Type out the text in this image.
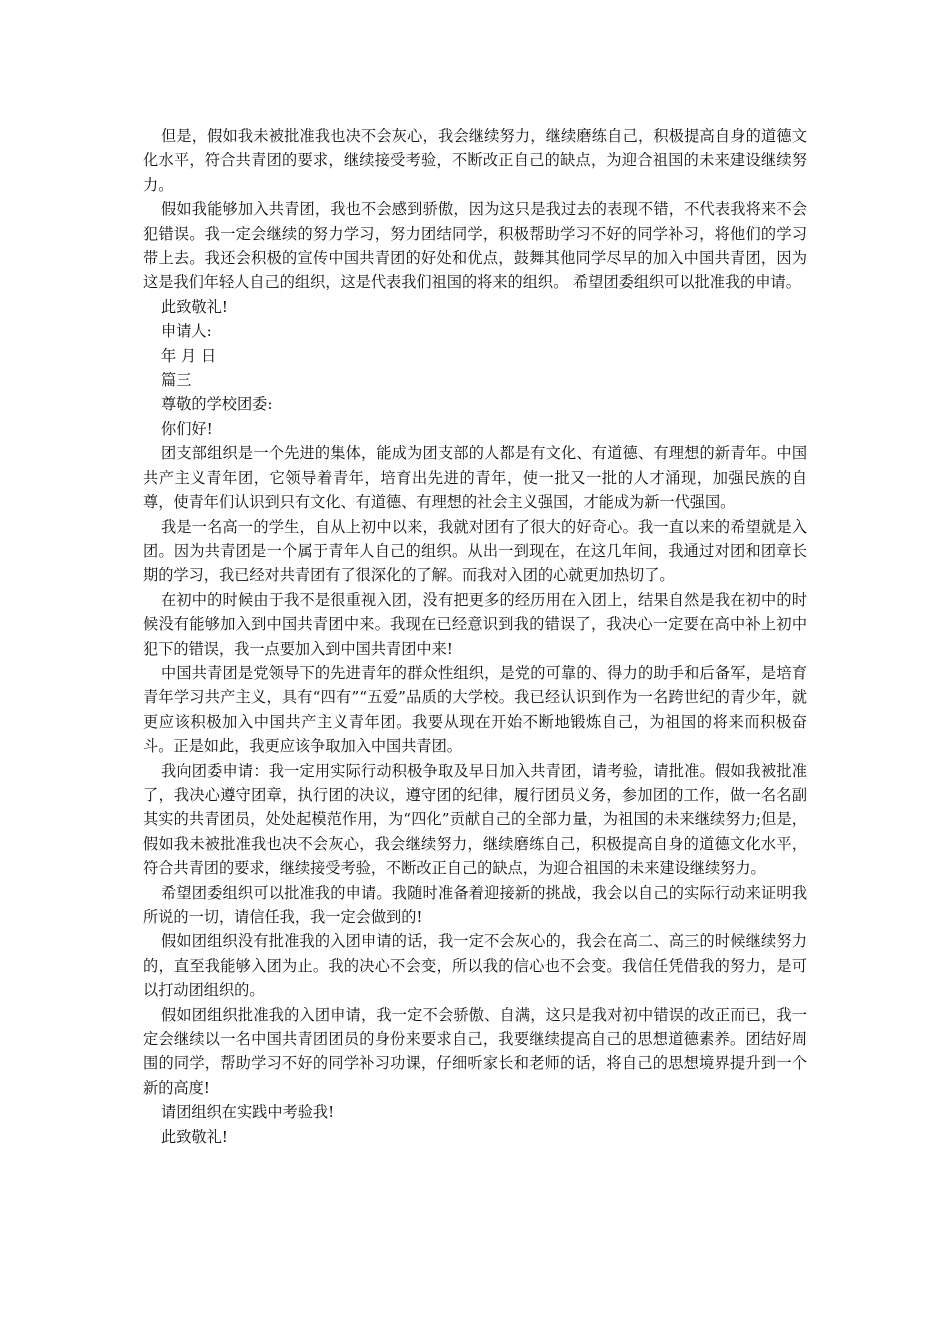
但是，假如我未被批准我也决不会灰心，我会继续努力，继续磨练自己，积极提高自身的道德文化水平，符合共青团的要求，继续接受考验，不断改正自己的缺点，为迎合祖国的未来建设继续努力。

假如我能够加入共青团，我也不会感到骄傲，因为这只是我过去的表现不错，不代表我将来不会犯错误。我一定会继续的努力学习，努力团结同学，积极帮助学习不好的同学补习，将他们的学习带上去。我还会积极的宣传中国共青团的好处和优点，鼓舞其他同学尽早的加入中国共青团，因为这是我们年轻人自己的组织，这是代表我们祖国的将来的组织。 希望团委组织可以批准我的申请。

此致敬礼!

申请人:

年 月 日

篇三

尊敬的学校团委:

你们好!

团支部组织是一个先进的集体，能成为团支部的人都是有文化、有道德、有理想的新青年。中国共产主义青年团，它领导着青年，培育出先进的青年，使一批又一批的人才涌现，加强民族的自尊，使青年们认识到只有文化、有道德、有理想的社会主义强国，才能成为新一代强国。

我是一名高一的学生，自从上初中以来，我就对团有了很大的好奇心。我一直以来的希望就是入团。因为共青团是一个属于青年人自己的组织。从出一到现在，在这几年间，我通过对团和团章长期的学习，我已经对共青团有了很深化的了解。而我对入团的心就更加热切了。

在初中的时候由于我不是很重视入团，没有把更多的经历用在入团上，结果自然是我在初中的时候没有能够加入到中国共青团中来。我现在已经意识到我的错误了，我决心一定要在高中补上初中犯下的错误，我一点要加入到中国共青团中来!

中国共青团是党领导下的先进青年的群众性组织，是党的可靠的、得力的助手和后备军，是培育青年学习共产主义，具有“四有”“五爱”品质的大学校。我已经认识到作为一名跨世纪的青少年，就更应该积极加入中国共产主义青年团。我要从现在开始不断地锻炼自己，为祖国的将来而积极奋斗。正是如此，我更应该争取加入中国共青团。

我向团委申请：我一定用实际行动积极争取及早日加入共青团，请考验，请批准。假如我被批准了，我决心遵守团章，执行团的决议，遵守团的纪律，履行团员义务，参加团的工作，做一名名副其实的共青团员，处处起模范作用，为“四化”贡献自己的全部力量，为祖国的未来继续努力;但是，假如我未被批准我也决不会灰心，我会继续努力，继续磨练自己，积极提高自身的道德文化水平，符合共青团的要求，继续接受考验，不断改正自己的缺点，为迎合祖国的未来建设继续努力。

希望团委组织可以批准我的申请。我随时准备着迎接新的挑战，我会以自己的实际行动来证明我所说的一切，请信任我，我一定会做到的!

假如团组织没有批准我的入团申请的话，我一定不会灰心的，我会在高二、高三的时候继续努力的，直至我能够入团为止。我的决心不会变，所以我的信心也不会变。我信任凭借我的努力，是可以打动团组织的。

假如团组织批准我的入团申请，我一定不会骄傲、自满，这只是我对初中错误的改正而已，我一定会继续以一名中国共青团团员的身份来要求自己，我要继续提高自己的思想道德素养。团结好周围的同学，帮助学习不好的同学补习功课，仔细听家长和老师的话，将自己的思想境界提升到一个新的高度!

请团组织在实践中考验我!

此致敬礼!
